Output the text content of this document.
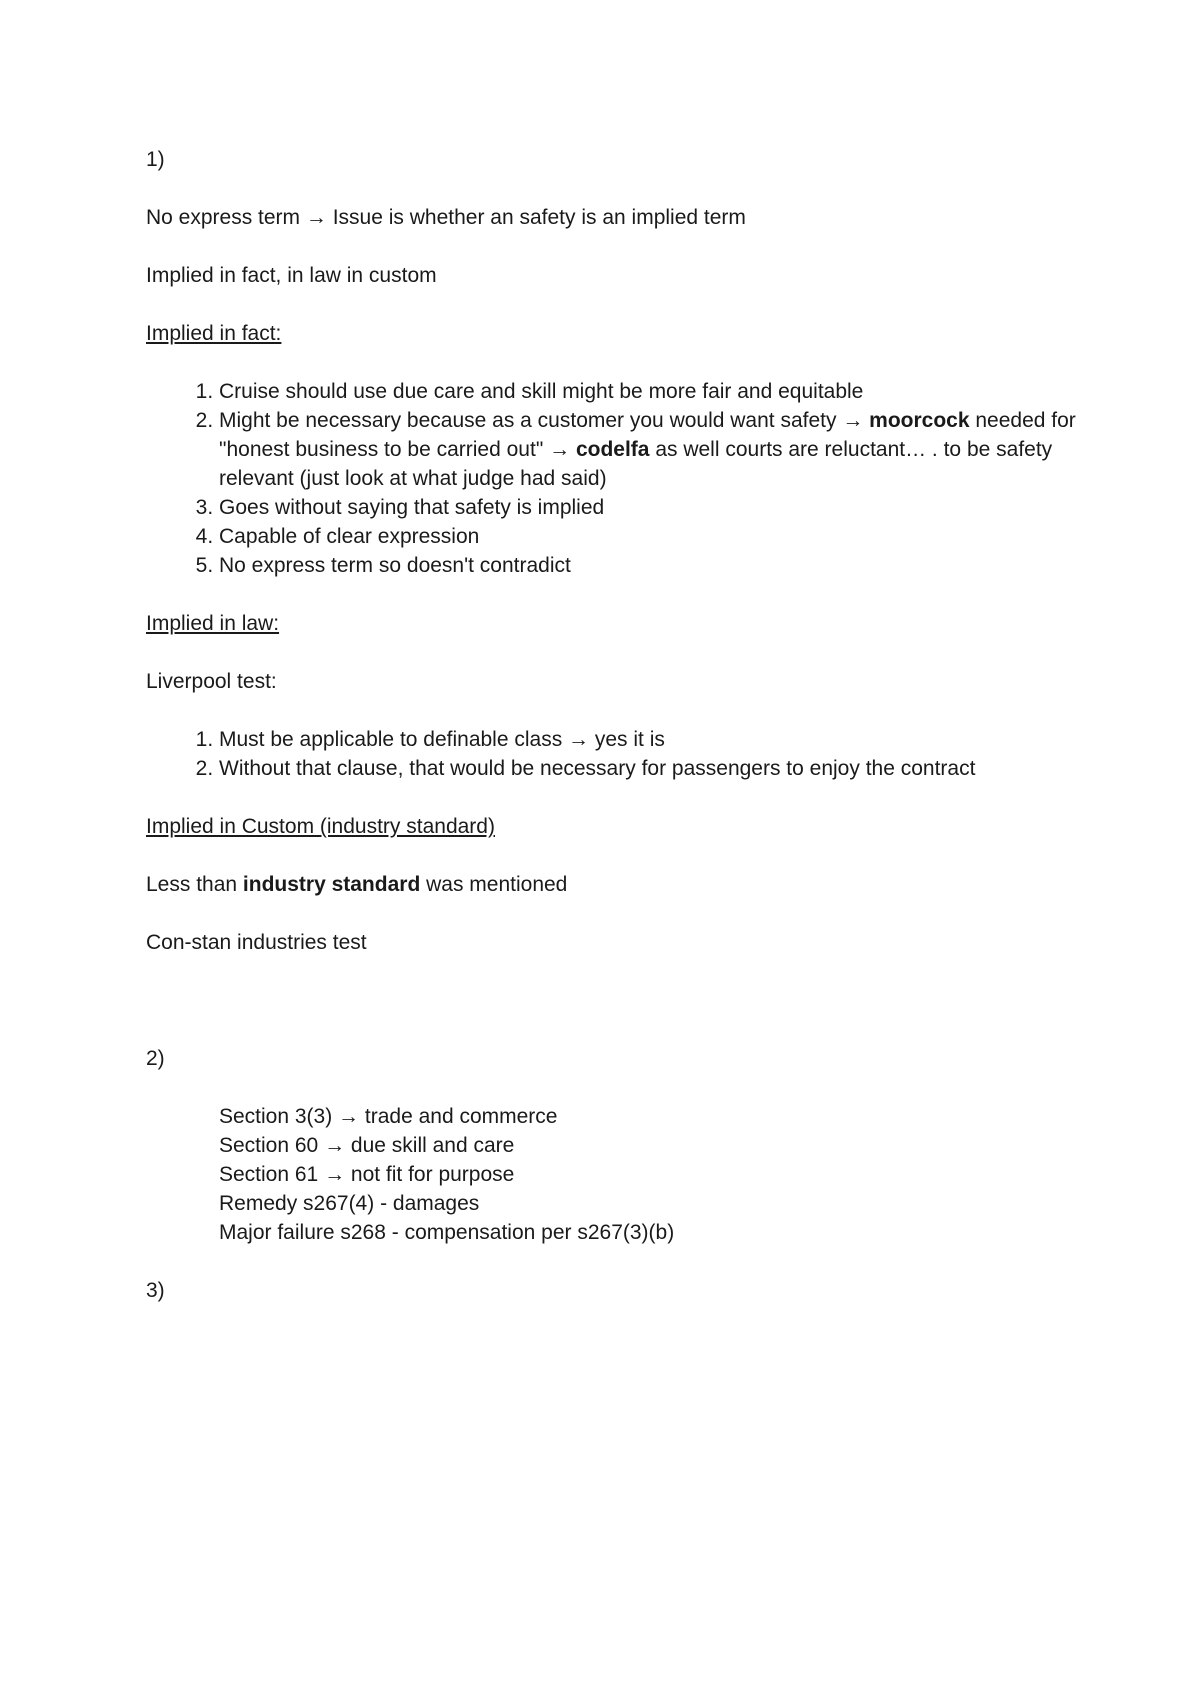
1)

No express term → Issue is whether an safety is an implied term

Implied in fact, in law in custom

Implied in fact:

1. Cruise should use due care and skill might be more fair and equitable
2. Might be necessary because as a customer you would want safety → moorcock needed for "honest business to be carried out" → codelfa as well courts are reluctant… . to be safety relevant (just look at what judge had said)
3. Goes without saying that safety is implied
4. Capable of clear expression
5. No express term so doesn't contradict

Implied in law:

Liverpool test:

1. Must be applicable to definable class → yes it is
2. Without that clause, that would be necessary for passengers to enjoy the contract

Implied in Custom (industry standard)

Less than industry standard was mentioned

Con-stan industries test

2)

Section 3(3) → trade and commerce

Section 60 → due skill and care

Section 61 → not fit for purpose

Remedy s267(4) - damages

Major failure s268 - compensation per s267(3)(b)

3)
